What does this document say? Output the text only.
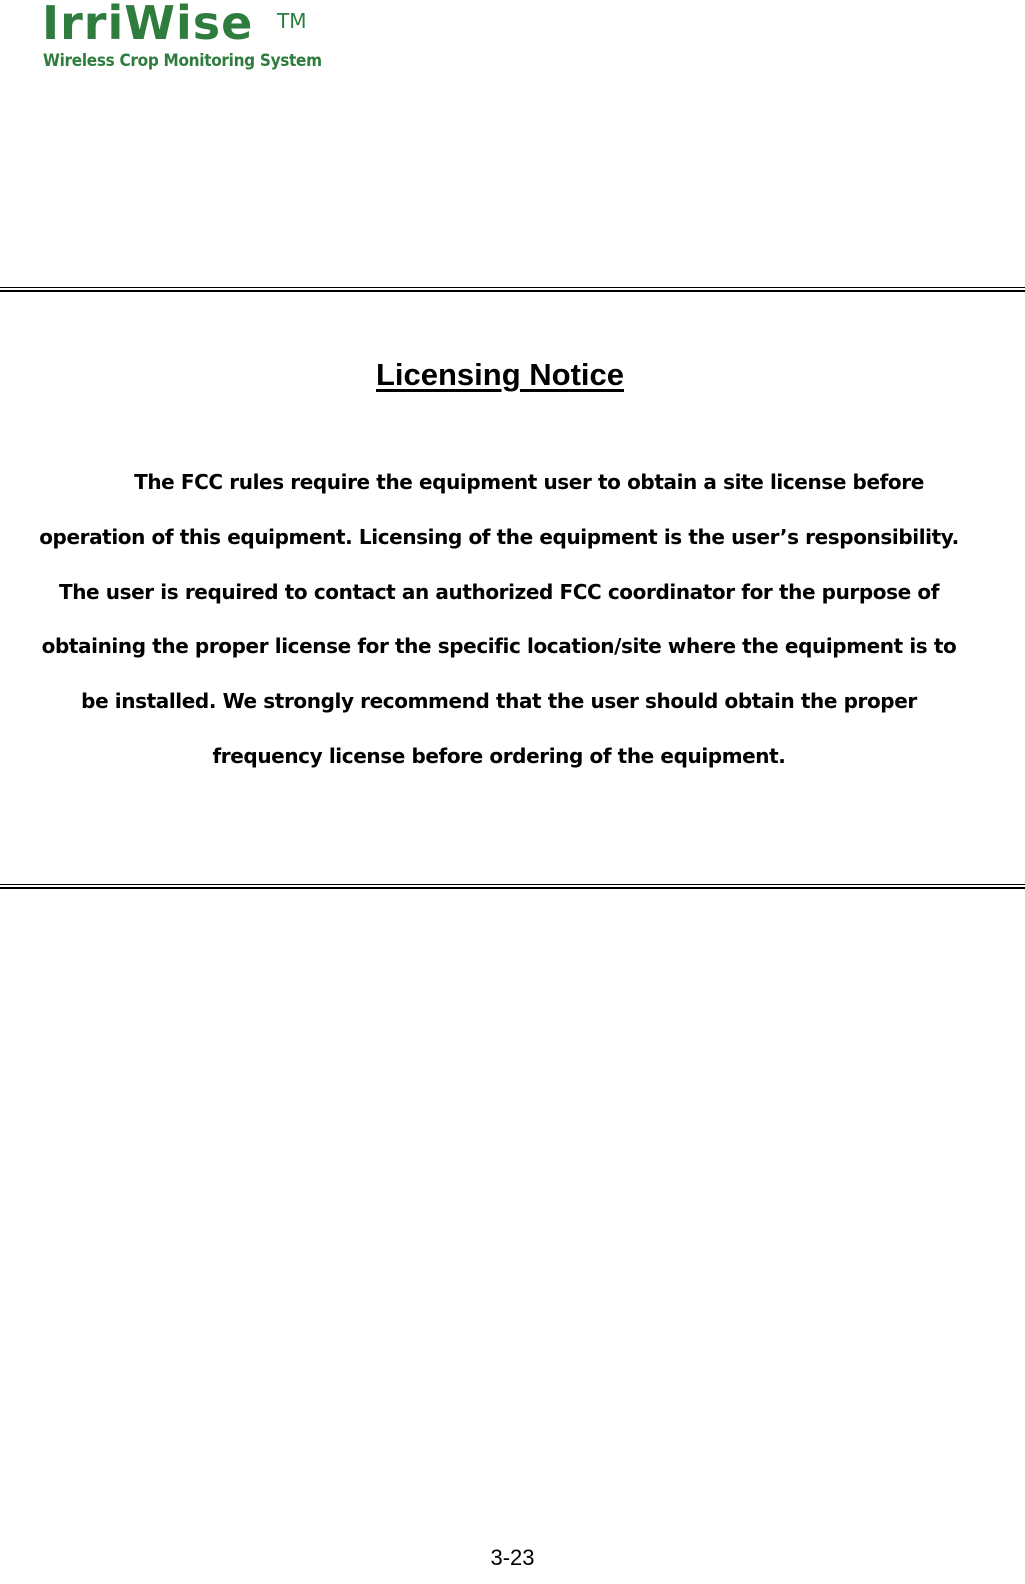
IrriWise TM
Wireless Crop Monitoring System
Licensing Notice
The FCC rules require the equipment user to obtain a site license before
operation of this equipment. Licensing of the equipment is the user’s responsibility.
The user is required to contact an authorized FCC coordinator for the purpose of
obtaining the proper license for the specific location/site where the equipment is to
be installed. We strongly recommend that the user should obtain the proper
frequency license before ordering of the equipment.
3-23
